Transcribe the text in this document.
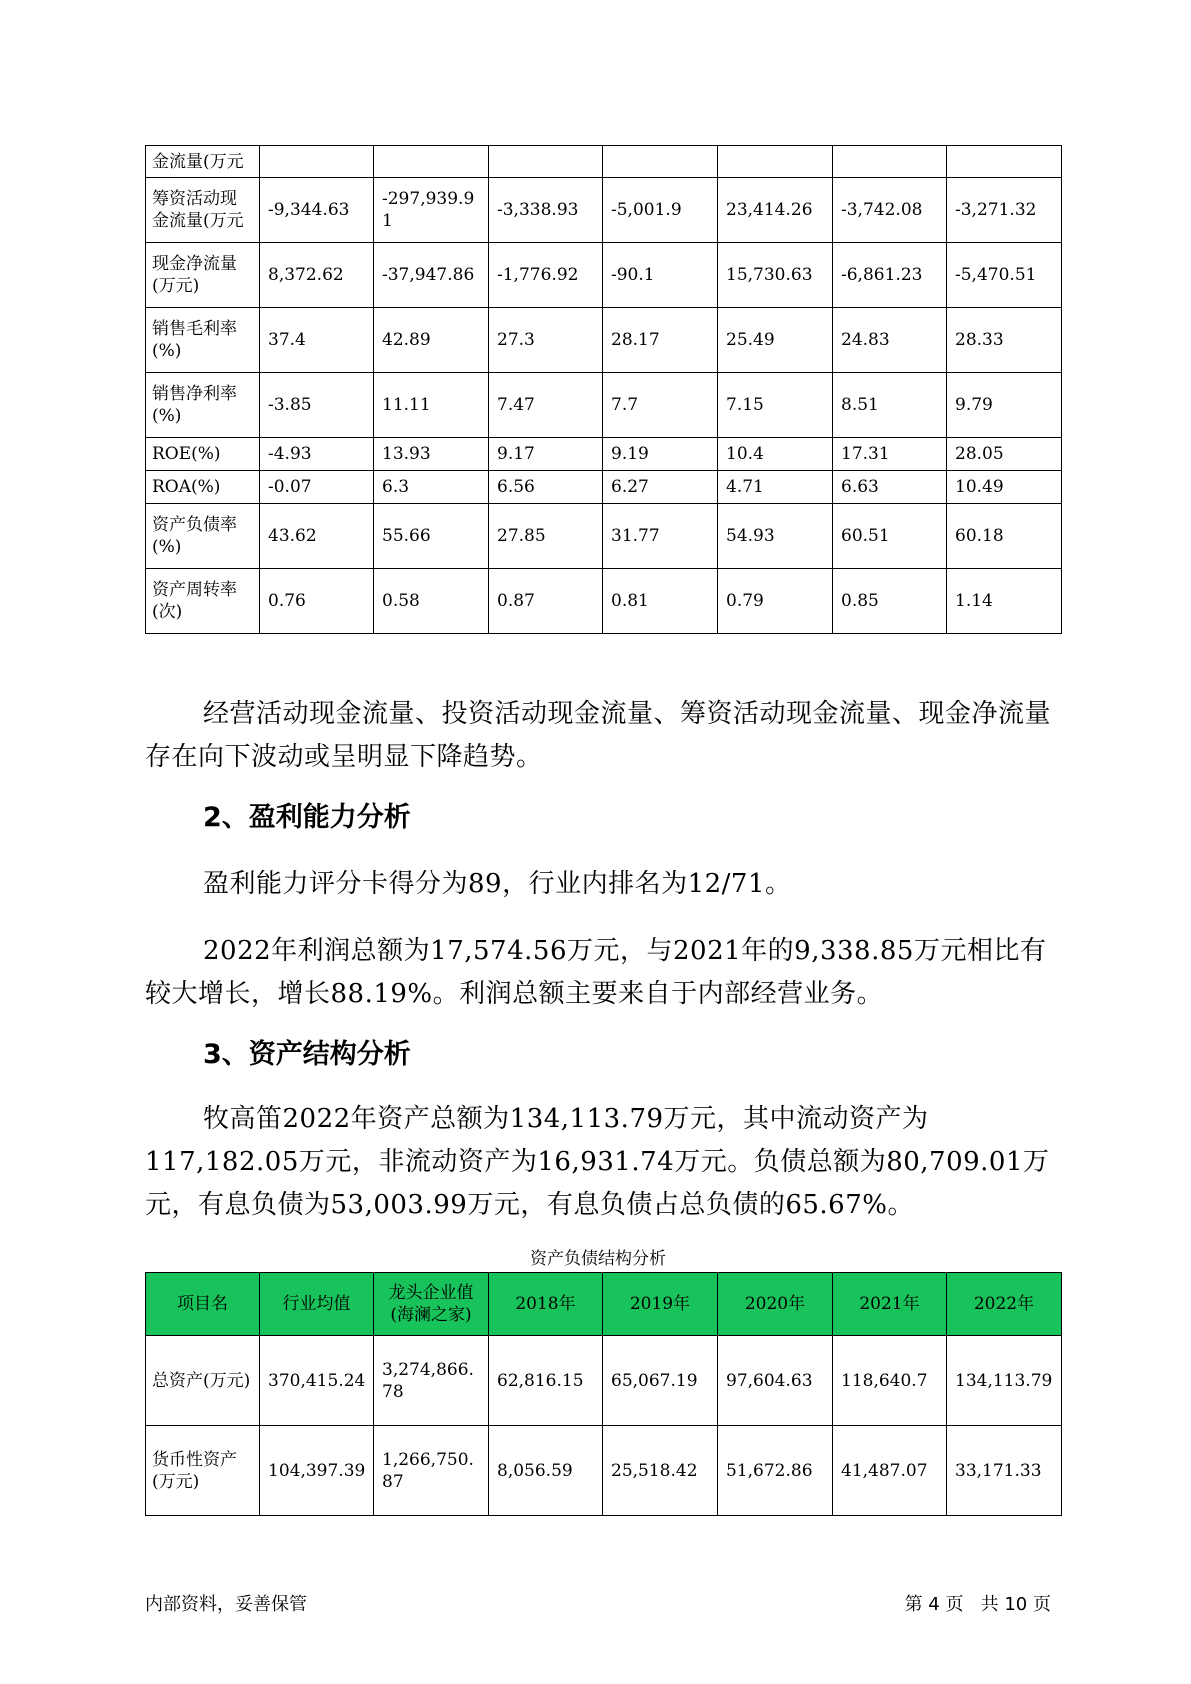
金流量(万元							
筹资活动现金流量(万元	-9,344.63	-297,939.91	-3,338.93	-5,001.9	23,414.26	-3,742.08	-3,271.32
现金净流量(万元)	8,372.62	-37,947.86	-1,776.92	-90.1	15,730.63	-6,861.23	-5,470.51
销售毛利率(%)	37.4	42.89	27.3	28.17	25.49	24.83	28.33
销售净利率(%)	-3.85	11.11	7.47	7.7	7.15	8.51	9.79
ROE(%)	-4.93	13.93	9.17	9.19	10.4	17.31	28.05
ROA(%)	-0.07	6.3	6.56	6.27	4.71	6.63	10.49
资产负债率(%)	43.62	55.66	27.85	31.77	54.93	60.51	60.18
资产周转率(次)	0.76	0.58	0.87	0.81	0.79	0.85	1.14

经营活动现金流量、投资活动现金流量、筹资活动现金流量、现金净流量存在向下波动或呈明显下降趋势。

2、盈利能力分析

盈利能力评分卡得分为89，行业内排名为12/71。

2022年利润总额为17,574.56万元，与2021年的9,338.85万元相比有较大增长，增长88.19%。利润总额主要来自于内部经营业务。

3、资产结构分析

牧高笛2022年资产总额为134,113.79万元，其中流动资产为117,182.05万元，非流动资产为16,931.74万元。负债总额为80,709.01万元，有息负债为53,003.99万元，有息负债占总负债的65.67%。

资产负债结构分析

项目名	行业均值	龙头企业值(海澜之家)	2018年	2019年	2020年	2021年	2022年
总资产(万元)	370,415.24	3,274,866.78	62,816.15	65,067.19	97,604.63	118,640.7	134,113.79
货币性资产(万元)	104,397.39	1,266,750.87	8,056.59	25,518.42	51,672.86	41,487.07	33,171.33

内部资料，妥善保管	第 4 页   共 10 页
